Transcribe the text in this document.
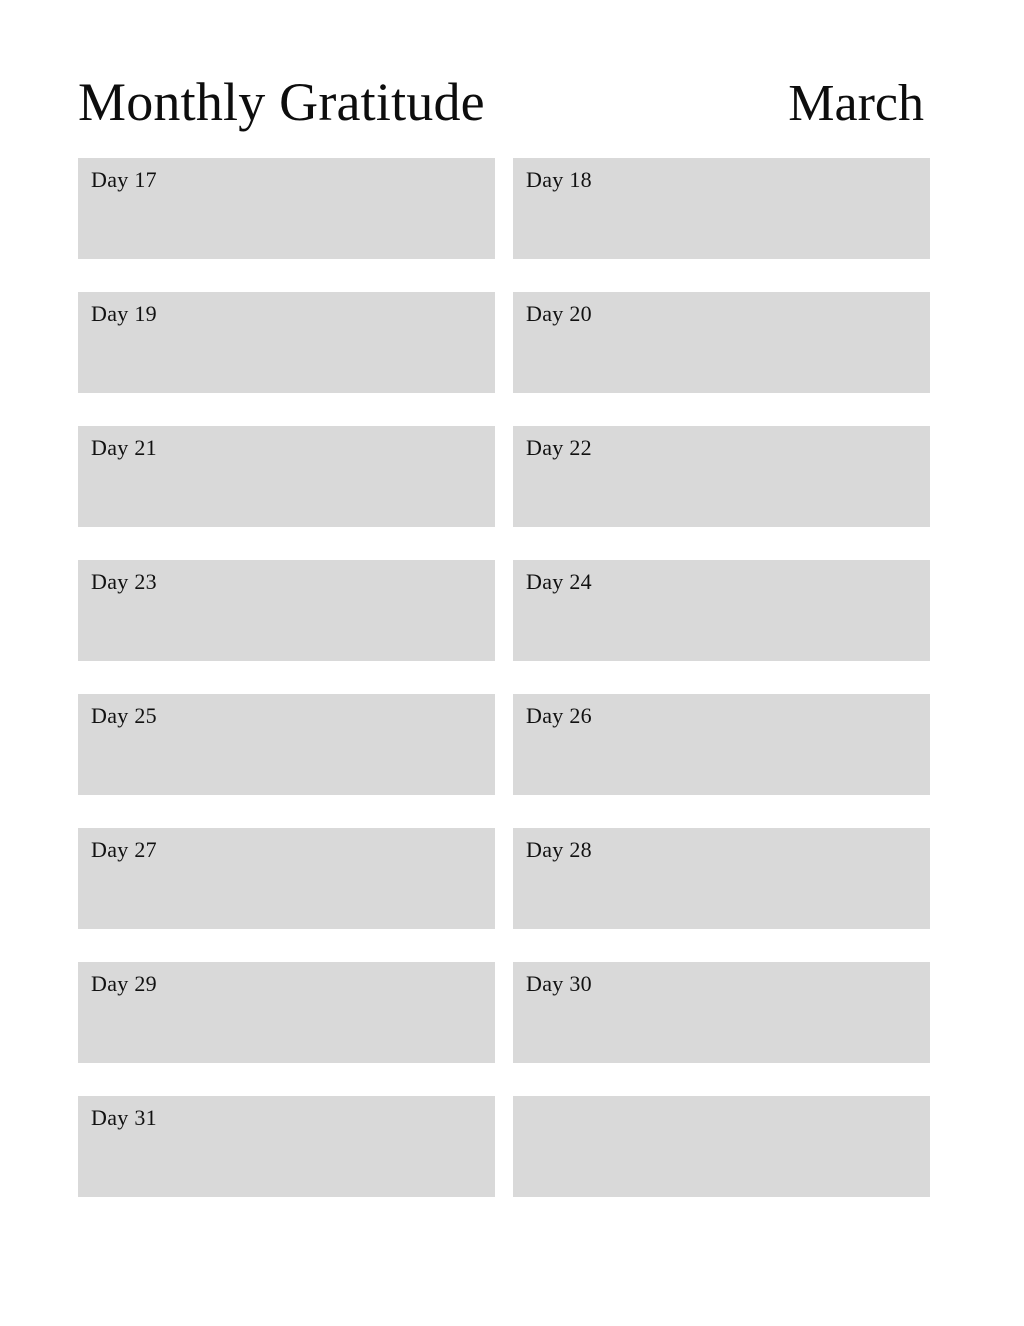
Monthly Gratitude	March
Day 17	Day 18
Day 19	Day 20
Day 21	Day 22
Day 23	Day 24
Day 25	Day 26
Day 27	Day 28
Day 29	Day 30
Day 31
